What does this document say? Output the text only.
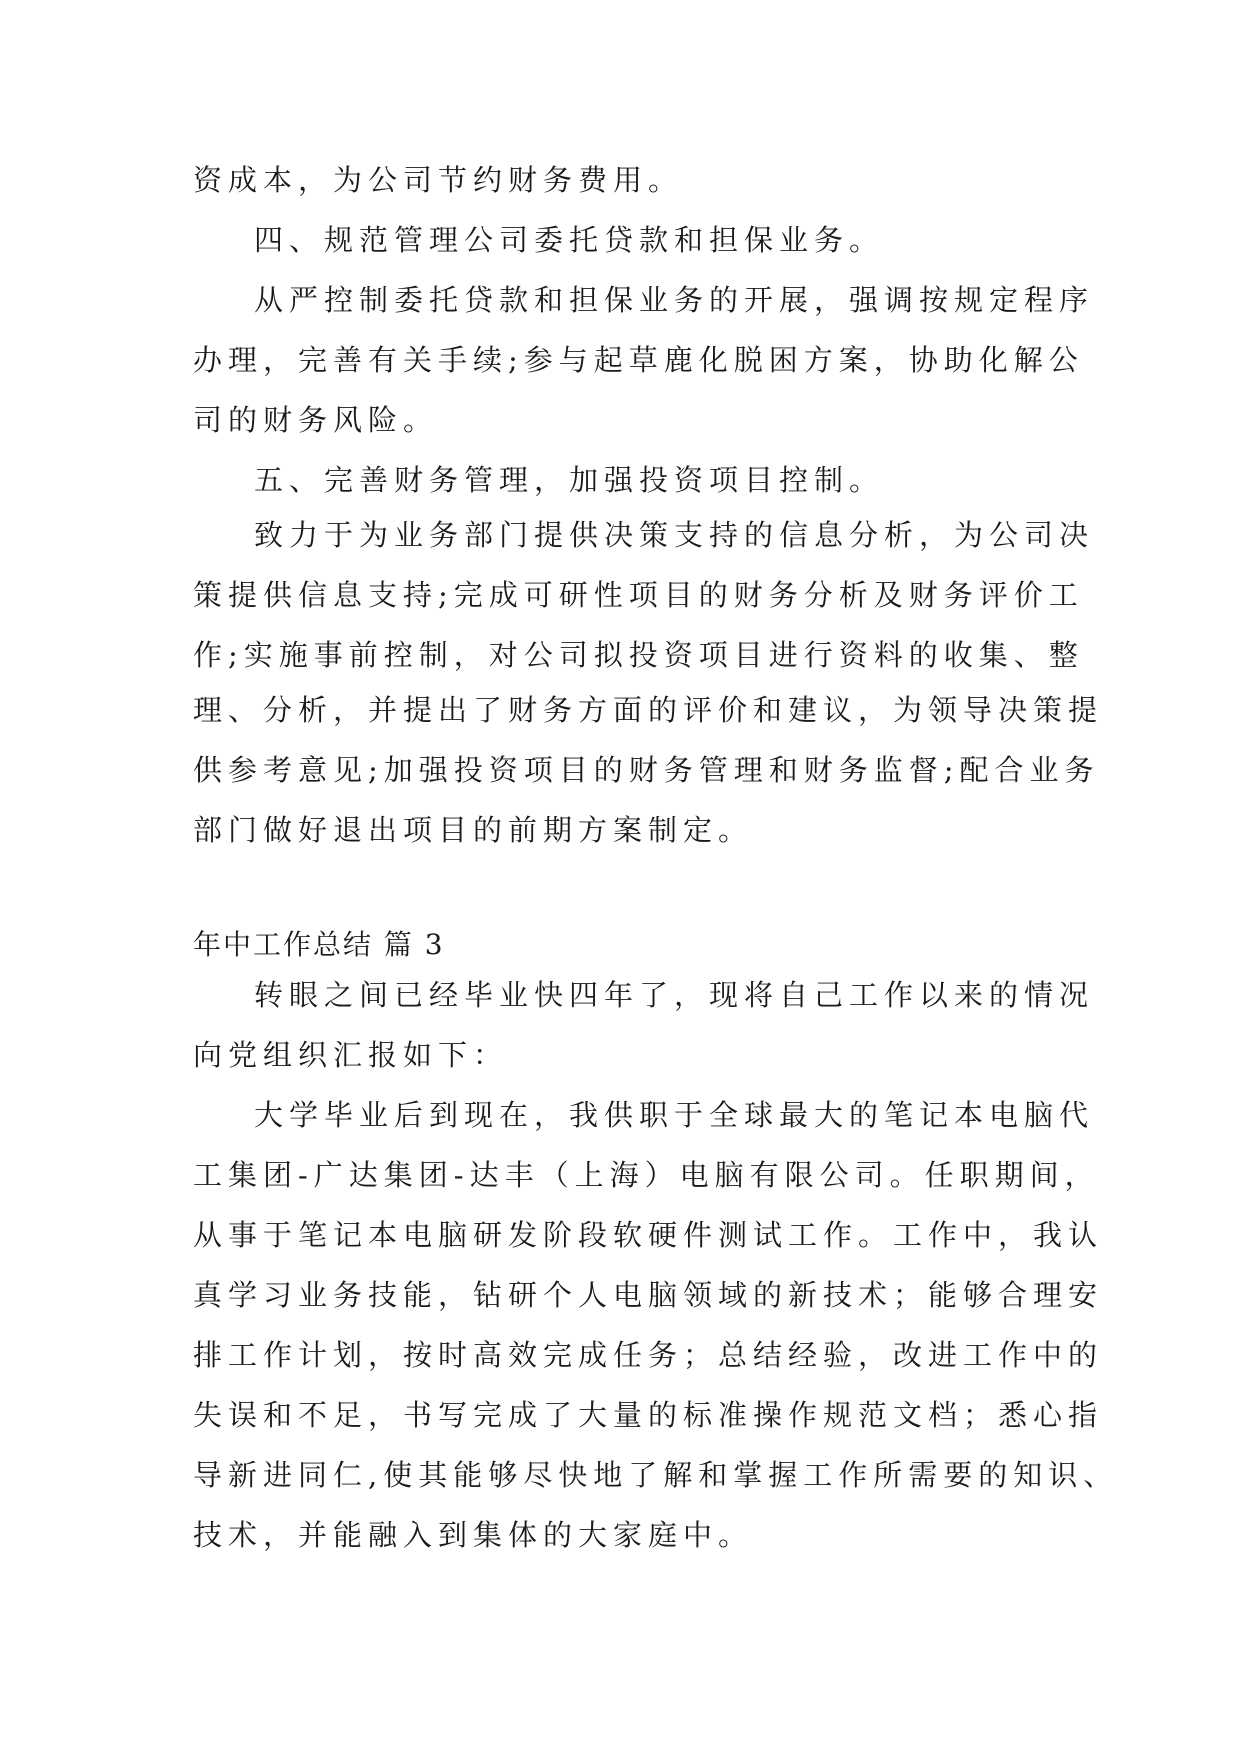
资成本，为公司节约财务费用。
四、规范管理公司委托贷款和担保业务。
从严控制委托贷款和担保业务的开展，强调按规定程序
办理，完善有关手续;参与起草鹿化脱困方案，协助化解公
司的财务风险。
五、完善财务管理，加强投资项目控制。
致力于为业务部门提供决策支持的信息分析，为公司决
策提供信息支持;完成可研性项目的财务分析及财务评价工
作;实施事前控制，对公司拟投资项目进行资料的收集、整
理、分析，并提出了财务方面的评价和建议，为领导决策提
供参考意见;加强投资项目的财务管理和财务监督;配合业务
部门做好退出项目的前期方案制定。
年中工作总结 篇 3
转眼之间已经毕业快四年了，现将自己工作以来的情况
向党组织汇报如下：
大学毕业后到现在，我供职于全球最大的笔记本电脑代
工集团-广达集团-达丰（上海）电脑有限公司。任职期间，
从事于笔记本电脑研发阶段软硬件测试工作。工作中，我认
真学习业务技能，钻研个人电脑领域的新技术；能够合理安
排工作计划，按时高效完成任务；总结经验，改进工作中的
失误和不足，书写完成了大量的标准操作规范文档；悉心指
导新进同仁,使其能够尽快地了解和掌握工作所需要的知识、
技术，并能融入到集体的大家庭中。
